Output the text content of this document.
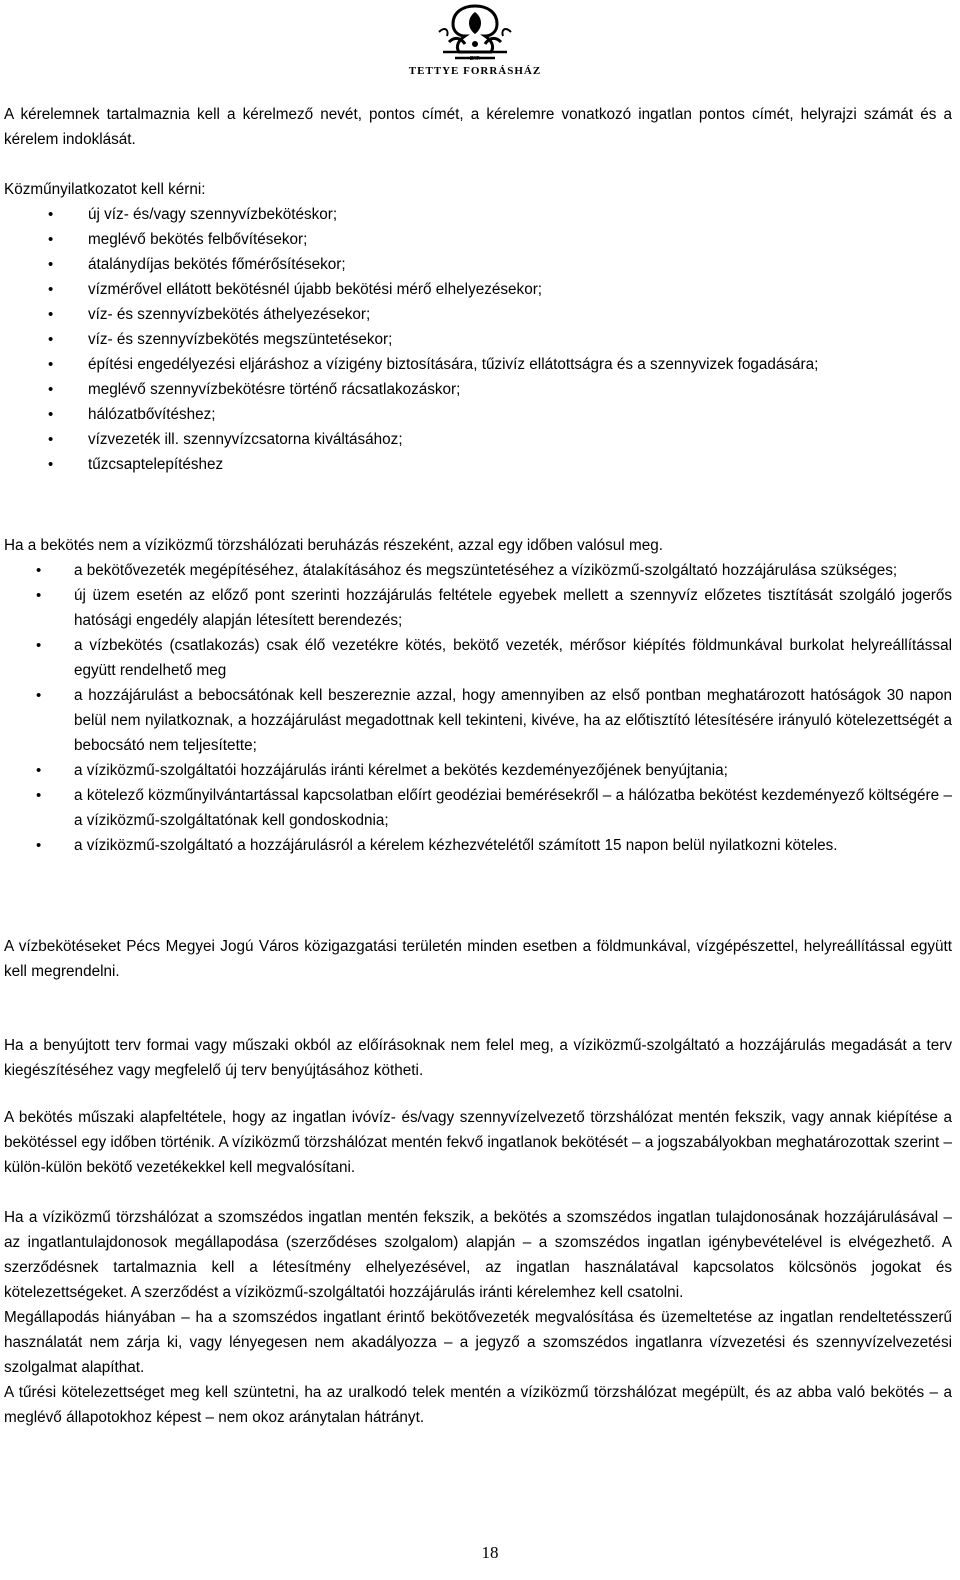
ZRT.
TETTYE FORRÁSHÁZ

A kérelemnek tartalmaznia kell a kérelmező nevét, pontos címét, a kérelemre vonatkozó ingatlan pontos címét, helyrajzi számát és a kérelem indoklását.

Közműnyilatkozatot kell kérni:

• új víz- és/vagy szennyvízbekötéskor;
• meglévő bekötés felbővítésekor;
• átalánydíjas bekötés főmérősítésekor;
• vízmérővel ellátott bekötésnél újabb bekötési mérő elhelyezésekor;
• víz- és szennyvízbekötés áthelyezésekor;
• víz- és szennyvízbekötés megszüntetésekor;
• építési engedélyezési eljáráshoz a vízigény biztosítására, tűzivíz ellátottságra és a szennyvizek fogadására;
• meglévő szennyvízbekötésre történő rácsatlakozáskor;
• hálózatbővítéshez;
• vízvezeték ill. szennyvízcsatorna kiváltásához;
• tűzcsaptelepítéshez

Ha a bekötés nem a víziközmű törzshálózati beruházás részeként, azzal egy időben valósul meg.

• a bekötővezeték megépítéséhez, átalakításához és megszüntetéséhez a víziközmű-szolgáltató hozzájárulása szükséges;
• új üzem esetén az előző pont szerinti hozzájárulás feltétele egyebek mellett a szennyvíz előzetes tisztítását szolgáló jogerős hatósági engedély alapján létesített berendezés;
• a vízbekötés (csatlakozás) csak élő vezetékre kötés, bekötő vezeték, mérősor kiépítés földmunkával burkolat helyreállítással együtt rendelhető meg
• a hozzájárulást a bebocsátónak kell beszereznie azzal, hogy amennyiben az első pontban meghatározott hatóságok 30 napon belül nem nyilatkoznak, a hozzájárulást megadottnak kell tekinteni, kivéve, ha az előtisztító létesítésére irányuló kötelezettségét a bebocsátó nem teljesítette;
• a víziközmű-szolgáltatói hozzájárulás iránti kérelmet a bekötés kezdeményezőjének benyújtania;
• a kötelező közműnyilvántartással kapcsolatban előírt geodéziai bemérésekről – a hálózatba bekötést kezdeményező költségére – a víziközmű-szolgáltatónak kell gondoskodnia;
• a víziközmű-szolgáltató a hozzájárulásról a kérelem kézhezvételétől számított 15 napon belül nyilatkozni köteles.

A vízbekötéseket Pécs Megyei Jogú Város közigazgatási területén minden esetben a földmunkával, vízgépészettel, helyreállítással együtt kell megrendelni.

Ha a benyújtott terv formai vagy műszaki okból az előírásoknak nem felel meg, a víziközmű-szolgáltató a hozzájárulás megadását a terv kiegészítéséhez vagy megfelelő új terv benyújtásához kötheti.

A bekötés műszaki alapfeltétele, hogy az ingatlan ivóvíz- és/vagy szennyvízelvezető törzshálózat mentén fekszik, vagy annak kiépítése a bekötéssel egy időben történik. A víziközmű törzshálózat mentén fekvő ingatlanok bekötését – a jogszabályokban meghatározottak szerint – külön-külön bekötő vezetékekkel kell megvalósítani.

Ha a víziközmű törzshálózat a szomszédos ingatlan mentén fekszik, a bekötés a szomszédos ingatlan tulajdonosának hozzájárulásával – az ingatlantulajdonosok megállapodása (szerződéses szolgalom) alapján – a szomszédos ingatlan igénybevételével is elvégezhető. A szerződésnek tartalmaznia kell a létesítmény elhelyezésével, az ingatlan használatával kapcsolatos kölcsönös jogokat és kötelezettségeket. A szerződést a víziközmű-szolgáltatói hozzájárulás iránti kérelemhez kell csatolni.

Megállapodás hiányában – ha a szomszédos ingatlant érintő bekötővezeték megvalósítása és üzemeltetése az ingatlan rendeltetésszerű használatát nem zárja ki, vagy lényegesen nem akadályozza – a jegyző a szomszédos ingatlanra vízvezetési és szennyvízelvezetési szolgalmat alapíthat.

A tűrési kötelezettséget meg kell szüntetni, ha az uralkodó telek mentén a víziközmű törzshálózat megépült, és az abba való bekötés – a meglévő állapotokhoz képest – nem okoz aránytalan hátrányt.

18
